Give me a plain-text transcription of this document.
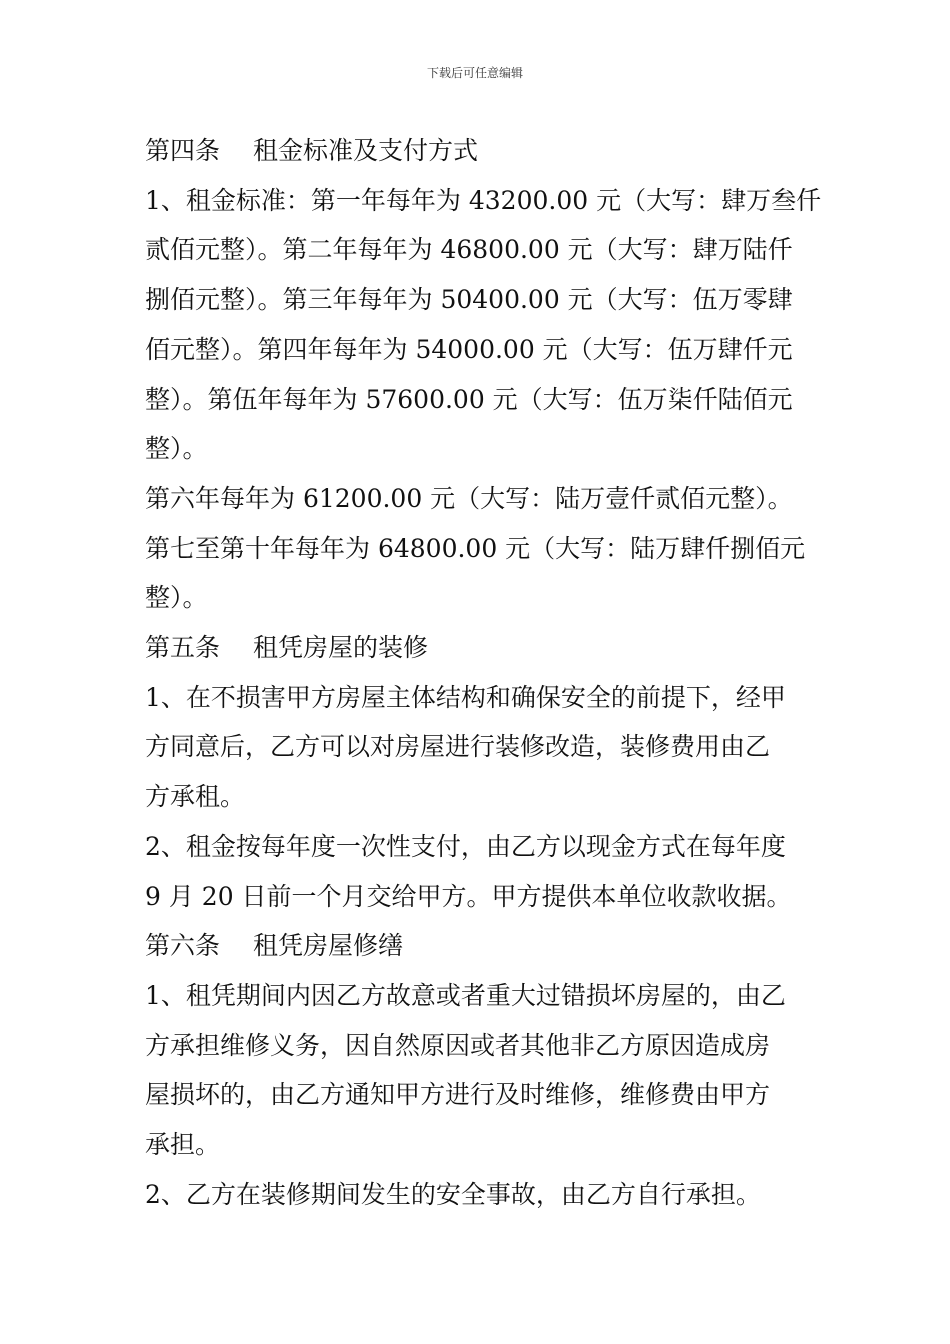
下载后可任意编辑
第四条　 租金标准及支付方式
1、租金标准：第一年每年为 43200.00 元（大写：肆万叁仟
贰佰元整）。第二年每年为 46800.00 元（大写：肆万陆仟
捌佰元整）。第三年每年为 50400.00 元（大写：伍万零肆
佰元整）。第四年每年为 54000.00 元（大写：伍万肆仟元
整）。第伍年每年为 57600.00 元（大写：伍万柒仟陆佰元
整）。
第六年每年为 61200.00 元（大写：陆万壹仟贰佰元整）。
第七至第十年每年为 64800.00 元（大写：陆万肆仟捌佰元
整）。
第五条　 租凭房屋的装修
1、在不损害甲方房屋主体结构和确保安全的前提下，经甲
方同意后，乙方可以对房屋进行装修改造，装修费用由乙
方承租。
2、租金按每年度一次性支付，由乙方以现金方式在每年度
9 月 20 日前一个月交给甲方。甲方提供本单位收款收据。
第六条　 租凭房屋修缮
1、租凭期间内因乙方故意或者重大过错损坏房屋的，由乙
方承担维修义务，因自然原因或者其他非乙方原因造成房
屋损坏的，由乙方通知甲方进行及时维修，维修费由甲方
承担。
2、乙方在装修期间发生的安全事故，由乙方自行承担。
